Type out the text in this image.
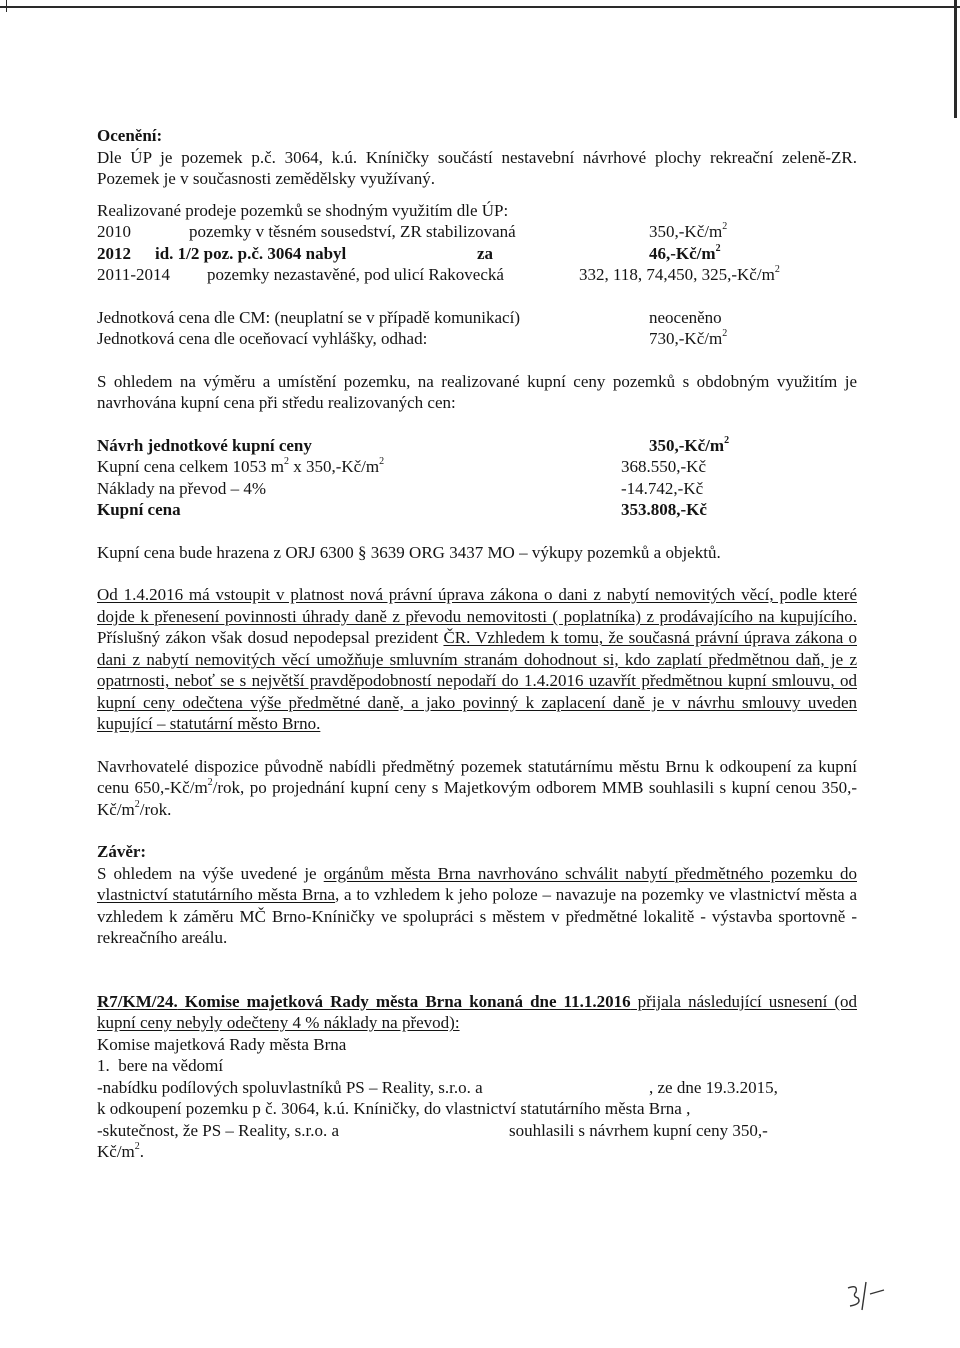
Ocenění:

Dle ÚP je pozemek p.č. 3064, k.ú. Kníničky součástí nestavební návrhové plochy rekreační zeleně-ZR. Pozemek je v současnosti zemědělsky využívaný.

Realizované prodeje pozemků se shodným využitím dle ÚP:

2010	pozemky v těsném sousedství, ZR stabilizovaná	$350,-Kč/m^2$
2012 id. 1/2 poz. p.č. 3064 nabyl	za	$46,-Kč/m^2$
2011-2014 pozemky nezastavěné, pod ulicí Rakovecká	332, 118, 74,450, $325,-Kč/m^2$
Jednotková cena dle CM: (neuplatní se v případě komunikací)	neoceněno
Jednotková cena dle oceňovací vyhlášky, odhad:	$730,-Kč/m^2$

S ohledem na výměru a umístění pozemku, na realizované kupní ceny pozemků s obdobným využitím je navrhována kupní cena při středu realizovaných cen:

Návrh jednotkové kupní ceny	$350,-Kč/m^2$
Kupní cena celkem 1053 $m^2$ x $350,-Kč/m^2$	368.550,-Kč
Náklady na převod – 4%	-14.742,-Kč
Kupní cena	353.808,-Kč

Kupní cena bude hrazena z ORJ 6300 § 3639 ORG 3437 MO – výkupy pozemků a objektů.

Od 1.4.2016 má vstoupit v platnost nová právní úprava zákona o dani z nabytí nemovitých věcí, podle které dojde k přenesení povinnosti úhrady daně z převodu nemovitosti ( poplatníka) z prodávajícího na kupujícího. Příslušný zákon však dosud nepodepsal prezident ČR. Vzhledem k tomu, že současná právní úprava zákona o dani z nabytí nemovitých věcí umožňuje smluvním stranám dohodnout si, kdo zaplatí předmětnou daň, je z opatrnosti, neboť se s největší pravděpodobností nepodaří do 1.4.2016 uzavřít předmětnou kupní smlouvu, od kupní ceny odečtena výše předmětné daně, a jako povinný k zaplacení daně je v návrhu smlouvy uveden kupující – statutární město Brno.

Navrhovatelé dispozice původně nabídli předmětný pozemek statutárnímu městu Brnu k odkoupení za kupní cenu $650,-Kč/m^2$/rok, po projednání kupní ceny s Majetkovým odborem MMB souhlasili s kupní cenou $350,-Kč/m^2$/rok.

Závěr:

S ohledem na výše uvedené je orgánům města Brna navrhováno schválit nabytí předmětného pozemku do vlastnictví statutárního města Brna, a to vzhledem k jeho poloze – navazuje na pozemky ve vlastnictví města a vzhledem k záměru MČ Brno-Kníničky ve spolupráci s městem v předmětné lokalitě - výstavba sportovně - rekreačního areálu.

R7/KM/24. Komise majetková Rady města Brna konaná dne 11.1.2016 přijala následující usnesení (od kupní ceny nebyly odečteny 4 % náklady na převod):

Komise majetková Rady města Brna

1. bere na vědomí

-nabídku podílových spoluvlastníků PS – Reality, s.r.o. a	, ze dne 19.3.2015,

k odkoupení pozemku p č. 3064, k.ú. Kníničky, do vlastnictví statutárního města Brna ,

-skutečnost, že PS – Reality, s.r.o. a	souhlasili s návrhem kupní ceny 350,-

$Kč/m^2$.
